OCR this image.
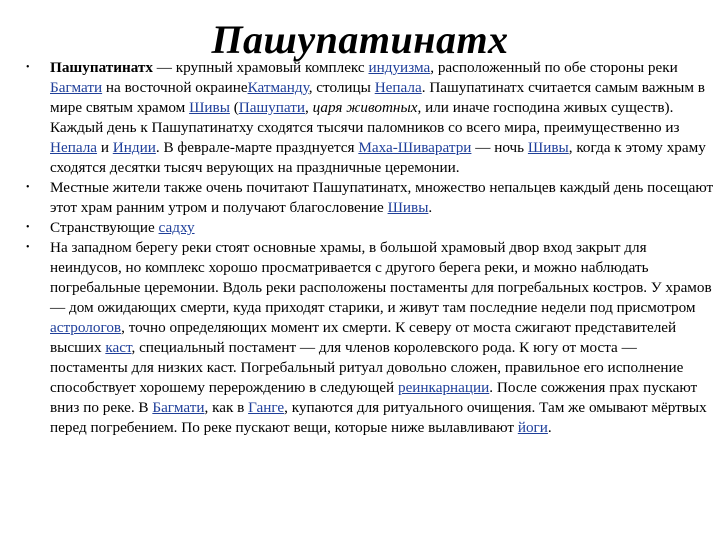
Пашупатинатх

•	Пашупатинатх — крупный храмовый комплекс индуизма, расположенный по обе стороны реки Багмати на восточной окраинеКатманду, столицы Непала. Пашупатинатх считается самым важным в мире святым храмом Шивы (Пашупати, царя животных, или иначе господина живых существ). Каждый день к Пашупатинатху сходятся тысячи паломников со всего мира, преимущественно из Непала и Индии. В феврале-марте празднуется Маха-Шиваратри — ночь Шивы, когда к этому храму сходятся десятки тысяч верующих на праздничные церемонии.

•	Местные жители также очень почитают Пашупатинатх, множество непальцев каждый день посещают этот храм ранним утром и получают благословение Шивы.

•	Странствующие садху

•	На западном берегу реки стоят основные храмы, в большой храмовый двор вход закрыт для неиндусов, но комплекс хорошо просматривается с другого берега реки, и можно наблюдать погребальные церемонии. Вдоль реки расположены постаменты для погребальных костров. У храмов — дом ожидающих смерти, куда приходят старики, и живут там последние недели под присмотром астрологов, точно определяющих момент их смерти. К северу от моста сжигают представителей высших каст, специальный постамент — для членов королевского рода. К югу от моста — постаменты для низких каст. Погребальный ритуал довольно сложен, правильное его исполнение способствует хорошему перерождению в следующей реинкарнации. После сожжения прах пускают вниз по реке. В Багмати, как в Ганге, купаются для ритуального очищения. Там же омывают мёртвых перед погребением. По реке пускают вещи, которые ниже вылавливают йоги.
